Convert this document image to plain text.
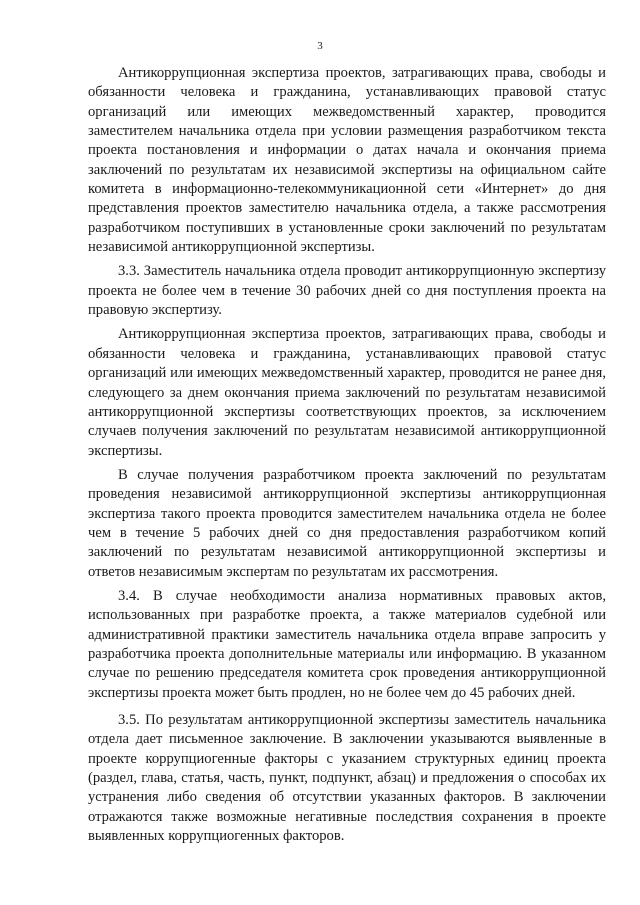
3

Антикоррупционная экспертиза проектов, затрагивающих права, свободы и обязанности человека и гражданина, устанавливающих правовой статус организаций или имеющих межведомственный характер, проводится заместителем начальника отдела при условии размещения разработчиком текста проекта постановления и информации о датах начала и окончания приема заключений по результатам их независимой экспертизы на официальном сайте комитета в информационно-телекоммуникационной сети «Интернет» до дня представления проектов заместителю начальника отдела, а также рассмотрения разработчиком поступивших в установленные сроки заключений по результатам независимой антикоррупционной экспертизы.

3.3. Заместитель начальника отдела проводит антикоррупционную экспертизу проекта не более чем в течение 30 рабочих дней со дня поступления проекта на правовую экспертизу.

Антикоррупционная экспертиза проектов, затрагивающих права, свободы и обязанности человека и гражданина, устанавливающих правовой статус организаций или имеющих межведомственный характер, проводится не ранее дня, следующего за днем окончания приема заключений по результатам независимой антикоррупционной экспертизы соответствующих проектов, за исключением случаев получения заключений по результатам независимой антикоррупционной экспертизы.

В случае получения разработчиком проекта заключений по результатам проведения независимой антикоррупционной экспертизы антикоррупционная экспертиза такого проекта проводится заместителем начальника отдела не более чем в течение 5 рабочих дней со дня предоставления разработчиком копий заключений по результатам независимой антикоррупционной экспертизы и ответов независимым экспертам по результатам их рассмотрения.

3.4. В случае необходимости анализа нормативных правовых актов, использованных при разработке проекта, а также материалов судебной или административной практики заместитель начальника отдела вправе запросить у разработчика проекта дополнительные материалы или информацию. В указанном случае по решению председателя комитета срок проведения антикоррупционной экспертизы проекта может быть продлен, но не более чем до 45 рабочих дней.

3.5. По результатам антикоррупционной экспертизы заместитель начальника отдела дает письменное заключение. В заключении указываются выявленные в проекте коррупциогенные факторы с указанием структурных единиц проекта (раздел, глава, статья, часть, пункт, подпункт, абзац) и предложения о способах их устранения либо сведения об отсутствии указанных факторов. В заключении отражаются также возможные негативные последствия сохранения в проекте выявленных коррупциогенных факторов.
